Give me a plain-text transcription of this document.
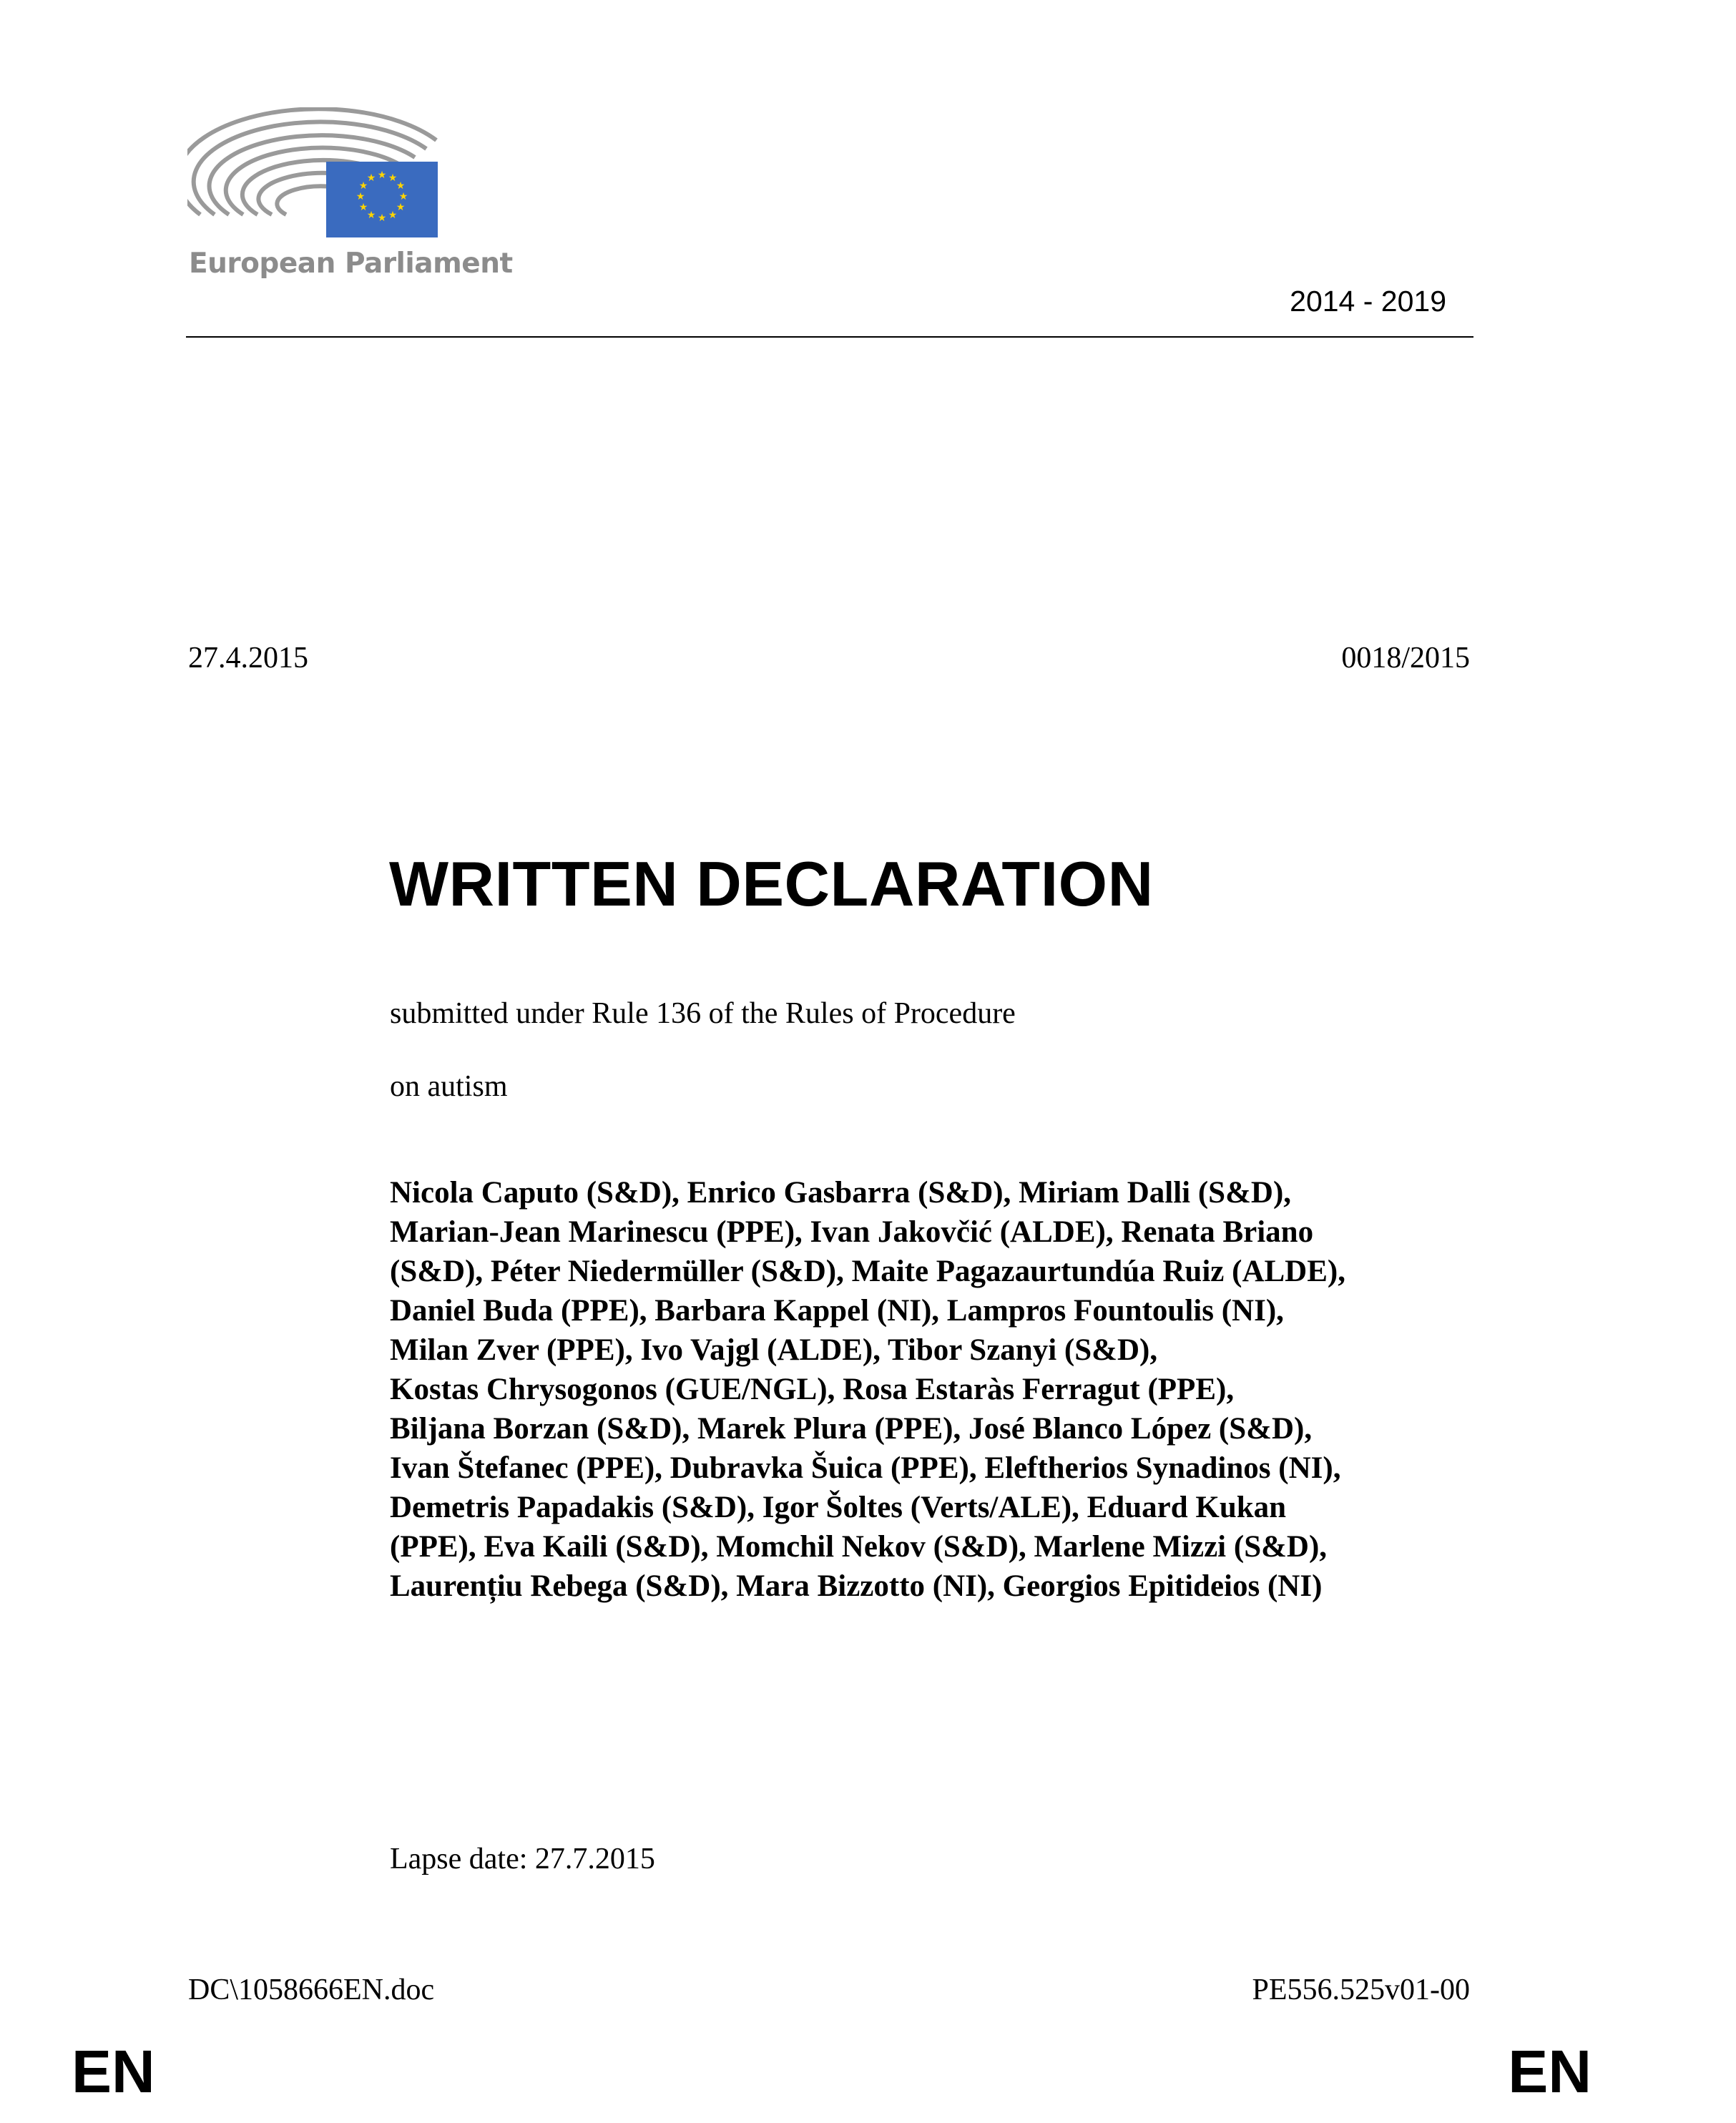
★ ★
★
★
★
★
★
★
★
★
★
★
European Parliament
2014 - 2019
27.4.2015	0018/2015
WRITTEN DECLARATION
submitted under Rule 136 of the Rules of Procedure
on autism
Nicola Caputo (S&D), Enrico Gasbarra (S&D), Miriam Dalli (S&D),
Marian-Jean Marinescu (PPE), Ivan Jakovčić (ALDE), Renata Briano
(S&D), Péter Niedermüller (S&D), Maite Pagazaurtundúa Ruiz (ALDE),
Daniel Buda (PPE), Barbara Kappel (NI), Lampros Fountoulis (NI),
Milan Zver (PPE), Ivo Vajgl (ALDE), Tibor Szanyi (S&D),
Kostas Chrysogonos (GUE/NGL), Rosa Estaràs Ferragut (PPE),
Biljana Borzan (S&D), Marek Plura (PPE), José Blanco López (S&D),
Ivan Štefanec (PPE), Dubravka Šuica (PPE), Eleftherios Synadinos (NI),
Demetris Papadakis (S&D), Igor Šoltes (Verts/ALE), Eduard Kukan
(PPE), Eva Kaili (S&D), Momchil Nekov (S&D), Marlene Mizzi (S&D),
Laurențiu Rebega (S&D), Mara Bizzotto (NI), Georgios Epitideios (NI)
Lapse date: 27.7.2015
DC\1058666EN.doc	PE556.525v01-00
EN	EN
